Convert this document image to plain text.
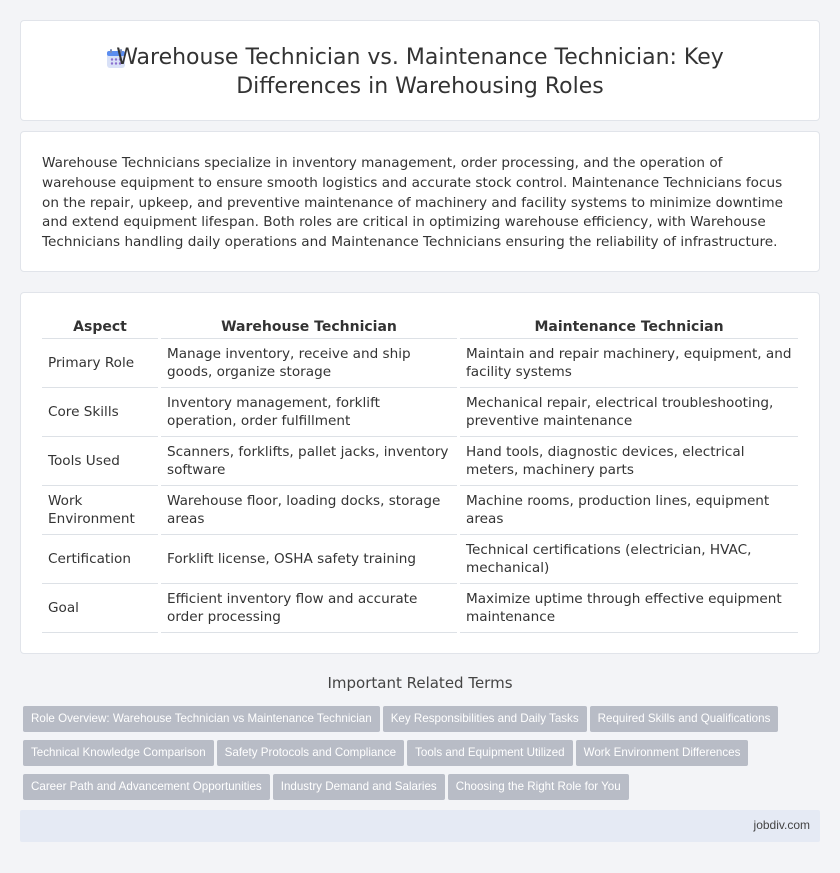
Warehouse Technician vs. Maintenance Technician: Key Differences in Warehousing Roles

Warehouse Technicians specialize in inventory management, order processing, and the operation of warehouse equipment to ensure smooth logistics and accurate stock control. Maintenance Technicians focus on the repair, upkeep, and preventive maintenance of machinery and facility systems to minimize downtime and extend equipment lifespan. Both roles are critical in optimizing warehouse efficiency, with Warehouse Technicians handling daily operations and Maintenance Technicians ensuring the reliability of infrastructure.

Aspect	Warehouse Technician	Maintenance Technician
Primary Role	Manage inventory, receive and ship goods, organize storage	Maintain and repair machinery, equipment, and facility systems
Core Skills	Inventory management, forklift operation, order fulfillment	Mechanical repair, electrical troubleshooting, preventive maintenance
Tools Used	Scanners, forklifts, pallet jacks, inventory software	Hand tools, diagnostic devices, electrical meters, machinery parts
Work Environment	Warehouse floor, loading docks, storage areas	Machine rooms, production lines, equipment areas
Certification	Forklift license, OSHA safety training	Technical certifications (electrician, HVAC, mechanical)
Goal	Efficient inventory flow and accurate order processing	Maximize uptime through effective equipment maintenance
Important Related Terms
Role Overview: Warehouse Technician vs Maintenance Technician Key Responsibilities and Daily Tasks Required Skills and Qualifications
Technical Knowledge Comparison Safety Protocols and Compliance Tools and Equipment Utilized Work Environment Differences
Career Path and Advancement Opportunities Industry Demand and Salaries Choosing the Right Role for You
jobdiv.com
